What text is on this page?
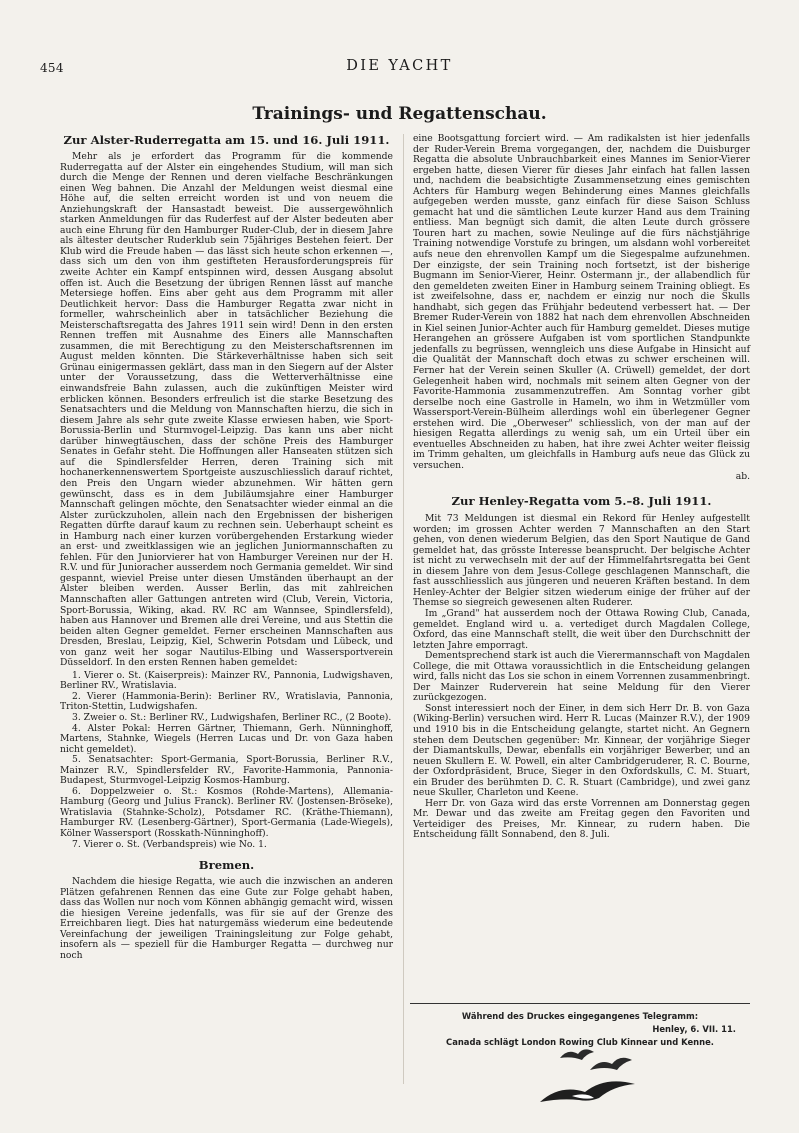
454	DIE YACHT
Trainings- und Regattenschau.
Zur Alster-Ruderregatta am 15. und 16. Juli 1911.

Mehr als je erfordert das Programm für die kommende Ruderregatta auf der Alster ein eingehendes Studium, will man sich durch die Menge der Rennen und deren vielfache Beschränkungen einen Weg bahnen. Die Anzahl der Meldungen weist diesmal eine Höhe auf, die selten erreicht worden ist und von neuem die Anziehungskraft der Hansastadt beweist. Die aussergewöhnlich starken Anmeldungen für das Ruderfest auf der Alster bedeuten aber auch eine Ehrung für den Hamburger Ruder-Club, der in diesem Jahre als ältester deutscher Ruderklub sein 75jähriges Bestehen feiert. Der Klub wird die Freude haben — das lässt sich heute schon erkennen —, dass sich um den von ihm gestifteten Herausforderungspreis für zweite Achter ein Kampf entspinnen wird, dessen Ausgang absolut offen ist. Auch die Besetzung der übrigen Rennen lässt auf manche Metersiege hoffen. Eins aber geht aus dem Programm mit aller Deutlichkeit hervor: Dass die Hamburger Regatta zwar nicht in formeller, wahrscheinlich aber in tatsächlicher Beziehung die Meisterschaftsregatta des Jahres 1911 sein wird! Denn in den ersten Rennen treffen mit Ausnahme des Einers alle Mannschaften zusammen, die mit Berechtigung zu den Meisterschaftsrennen im August melden könnten. Die Stärkeverhältnisse haben sich seit Grünau einigermassen geklärt, dass man in den Siegern auf der Alster unter der Voraussetzung, dass die Wetterverhältnisse eine einwandsfreie Bahn zulassen, auch die zukünftigen Meister wird erblicken können. Besonders erfreulich ist die starke Besetzung des Senatsachters und die Meldung von Mannschaften hierzu, die sich in diesem Jahre als sehr gute zweite Klasse erwiesen haben, wie Sport-Borussia-Berlin und Sturmvogel-Leipzig. Das kann uns aber nicht darüber hinwegtäuschen, dass der schöne Preis des Hamburger Senates in Gefahr steht. Die Hoffnungen aller Hanseaten stützen sich auf die Spindlersfelder Herren, deren Training sich mit hochanerkennenswertem Sportgeiste auszuschliesslich darauf richtet, den Preis den Ungarn wieder abzunehmen. Wir hätten gern gewünscht, dass es in dem Jubiläumsjahre einer Hamburger Mannschaft gelingen möchte, den Senatsachter wieder einmal an die Alster zurückzuholen, allein nach den Ergebnissen der bisherigen Regatten dürfte darauf kaum zu rechnen sein. Ueberhaupt scheint es in Hamburg nach einer kurzen vorübergehenden Erstarkung wieder an erst- und zweitklassigen wie an jeglichen Juniormannschaften zu fehlen. Für den Juniorvierer hat von Hamburger Vereinen nur der H. R.V. und für Junioracher ausserdem noch Germania gemeldet. Wir sind gespannt, wieviel Preise unter diesen Umständen überhaupt an der Alster bleiben werden. Ausser Berlin, das mit zahlreichen Mannschaften aller Gattungen antreten wird (Club, Verein, Victoria, Sport-Borussia, Wiking, akad. RV. RC am Wannsee, Spindlersfeld), haben aus Hannover und Bremen alle drei Vereine, und aus Stettin die beiden alten Gegner gemeldet. Ferner erscheinen Mannschaften aus Dresden, Breslau, Leipzig, Kiel, Schwerin Potsdam und Lübeck, und von ganz weit her sogar Nautilus-Elbing und Wassersportverein Düsseldorf. In den ersten Rennen haben gemeldet:

1. Vierer o. St. (Kaiserpreis): Mainzer RV., Pannonia, Ludwigshaven, Berliner RV., Wratislavia.
2. Vierer (Hammonia-Berin): Berliner RV., Wratislavia, Pannonia, Triton-Stettin, Ludwigshafen.
3. Zweier o. St.: Berliner RV., Ludwigshafen, Berliner RC., (2 Boote).
4. Alster Pokal: Herren Gärtner, Thiemann, Gerh. Nünninghoff, Martens, Stahnke, Wiegels (Herren Lucas und Dr. von Gaza haben nicht gemeldet).
5. Senatsachter: Sport-Germania, Sport-Borussia, Berliner R.V., Mainzer R.V., Spindlersfelder RV., Favorite-Hammonia, Pannonia-Budapest, Sturmvogel-Leipzig Kosmos-Hamburg.
6. Doppelzweier o. St.: Kosmos (Rohde-Martens), Allemania-Hamburg (Georg und Julius Franck). Berliner RV. (Jostensen-Bröseke), Wratislavia (Stahnke-Scholz), Potsdamer RC. (Kräthe-Thiemann), Hamburger RV. (Lesenberg-Gärtner), Sport-Germania (Lade-Wiegels), Kölner Wassersport (Rosskath-Nünninghoff).
7. Vierer o. St. (Verbandspreis) wie No. 1.
Bremen.

Nachdem die hiesige Regatta, wie auch die inzwischen an anderen Plätzen gefahrenen Rennen das eine Gute zur Folge gehabt haben, dass das Wollen nur noch vom Können abhängig gemacht wird, wissen die hiesigen Vereine jedenfalls, was für sie auf der Grenze des Erreichbaren liegt. Dies hat naturgemäss wiederum eine bedeutende Vereinfachung der jeweiligen Trainingsleitung zur Folge gehabt, insofern als — speziell für die Hamburger Regatta — durchweg nur noch

eine Bootsgattung forciert wird. — Am radikalsten ist hier jedenfalls der Ruder-Verein Brema vorgegangen, der, nachdem die Duisburger Regatta die absolute Unbrauchbarkeit eines Mannes im Senior-Vierer ergeben hatte, diesen Vierer für dieses Jahr einfach hat fallen lassen und, nachdem die beabsichtigte Zusammensetzung eines gemischten Achters für Hamburg wegen Behinderung eines Mannes gleichfalls aufgegeben werden musste, ganz einfach für diese Saison Schluss gemacht hat und die sämtlichen Leute kurzer Hand aus dem Training entliess. Man begnügt sich damit, die alten Leute durch grössere Touren hart zu machen, sowie Neulinge auf die fürs nächstjährige Training notwendige Vorstufe zu bringen, um alsdann wohl vorbereitet aufs neue den ehrenvollen Kampf um die Siegespalme aufzunehmen. Der einzigste, der sein Training noch fortsetzt, ist der bisherige Bugmann im Senior-Vierer, Heinr. Ostermann jr., der allabendlich für den gemeldeten zweiten Einer in Hamburg seinem Training obliegt. Es ist zweifelsohne, dass er, nachdem er einzig nur noch die Skulls handhabt, sich gegen das Frühjahr bedeutend verbessert hat. — Der Bremer Ruder-Verein von 1882 hat nach dem ehrenvollen Abschneiden in Kiel seinen Junior-Achter auch für Hamburg gemeldet. Dieses mutige Herangehen an grössere Aufgaben ist vom sportlichen Standpunkte jedenfalls zu begrüssen, wenngleich uns diese Aufgabe in Hinsicht auf die Qualität der Mannschaft doch etwas zu schwer erscheinen will. Ferner hat der Verein seinen Skuller (A. Crüwell) gemeldet, der dort Gelegenheit haben wird, nochmals mit seinem alten Gegner von der Favorite-Hammonia zusammenzutreffen. Am Sonntag vorher gibt derselbe noch eine Gastrolle in Hameln, wo ihm in Wetzmüller vom Wassersport-Verein-Bülheim allerdings wohl ein überlegener Gegner erstehen wird. Die „Oberweser" schliesslich, von der man auf der hiesigen Regatta allerdings zu wenig sah, um ein Urteil über ein eventuelles Abschneiden zu haben, hat ihre zwei Achter weiter fleissig im Trimm gehalten, um gleichfalls in Hamburg aufs neue das Glück zu versuchen.

ab.
Zur Henley-Regatta vom 5.–8. Juli 1911.

Mit 73 Meldungen ist diesmal ein Rekord für Henley aufgestellt worden; im grossen Achter werden 7 Mannschaften an den Start gehen, von denen wiederum Belgien, das den Sport Nautique de Gand gemeldet hat, das grösste Interesse beansprucht. Der belgische Achter ist nicht zu verwechseln mit der auf der Himmelfahrtsregatta bei Gent in diesem Jahre von dem Jesus-College geschlagenen Mannschaft, die fast ausschliesslich aus jüngeren und neueren Kräften bestand. In dem Henley-Achter der Belgier sitzen wiederum einige der früher auf der Themse so siegreich gewesenen alten Ruderer.

Im „Grand" hat ausserdem noch der Ottawa Rowing Club, Canada, gemeldet. England wird u. a. vertediget durch Magdalen College, Oxford, das eine Mannschaft stellt, die weit über den Durchschnitt der letzten Jahre emporragt.

Dementsprechend stark ist auch die Vierermannschaft von Magdalen College, die mit Ottawa voraussichtlich in die Entscheidung gelangen wird, falls nicht das Los sie schon in einem Vorrennen zusammenbringt. Der Mainzer Ruderverein hat seine Meldung für den Vierer zurückgezogen.

Sonst interessiert noch der Einer, in dem sich Herr Dr. B. von Gaza (Wiking-Berlin) versuchen wird. Herr R. Lucas (Mainzer R.V.), der 1909 und 1910 bis in die Entscheidung gelangte, startet nicht. An Gegnern stehen dem Deutschen gegenüber: Mr. Kinnear, der vorjährige Sieger der Diamantskulls, Dewar, ebenfalls ein vorjähriger Bewerber, und an neuen Skullern E. W. Powell, ein alter Cambridgeruderer, R. C. Bourne, der Oxfordpräsident, Bruce, Sieger in den Oxfordskulls, C. M. Stuart, ein Bruder des berühmten D. C. R. Stuart (Cambridge), und zwei ganz neue Skuller, Charleton und Keene.

Herr Dr. von Gaza wird das erste Vorrennen am Donnerstag gegen Mr. Dewar und das zweite am Freitag gegen den Favoriten und Verteidiger des Preises, Mr. Kinnear, zu rudern haben. Die Entscheidung fällt Sonnabend, den 8. Juli.

Während des Druckes eingegangenes Telegramm:
Henley, 6. VII. 11.
Canada schlägt London Rowing Club Kinnear und Kenne.
